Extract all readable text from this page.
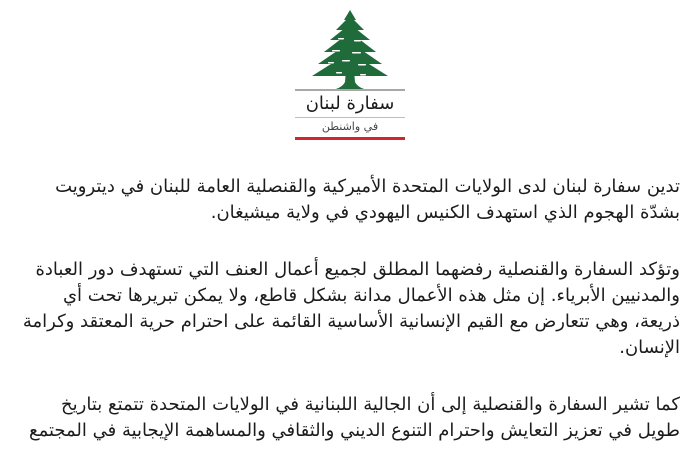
سفارة لبنان
في واشنطن

تدين سفارة لبنان لدى الولايات المتحدة الأميركية والقنصلية العامة للبنان في ديترويت
بشدّة الهجوم الذي استهدف الكنيس اليهودي في ولاية ميشيغان.

وتؤكد السفارة والقنصلية رفضهما المطلق لجميع أعمال العنف التي تستهدف دور العبادة
والمدنيين الأبرياء. إن مثل هذه الأعمال مدانة بشكل قاطع، ولا يمكن تبريرها تحت أي
ذريعة، وهي تتعارض مع القيم الإنسانية الأساسية القائمة على احترام حرية المعتقد وكرامة
الإنسان.

كما تشير السفارة والقنصلية إلى أن الجالية اللبنانية في الولايات المتحدة تتمتع بتاريخ
طويل في تعزيز التعايش واحترام التنوع الديني والثقافي والمساهمة الإيجابية في المجتمع
